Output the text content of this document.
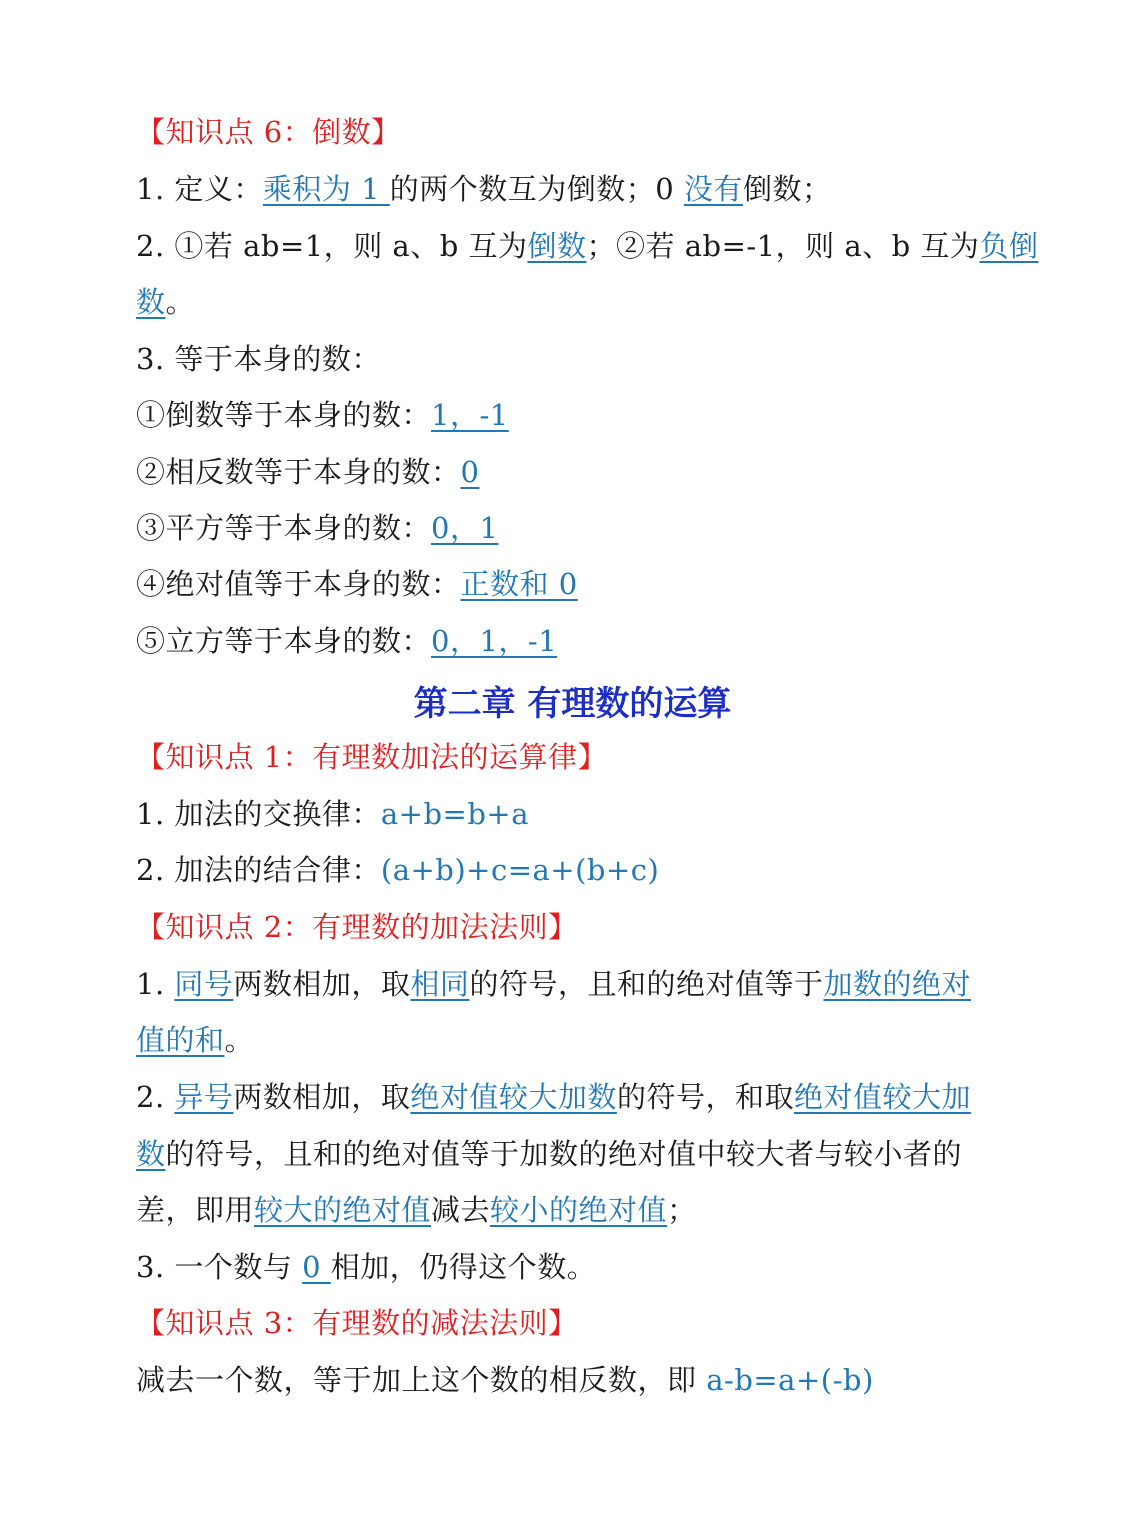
【知识点 6：倒数】
1. 定义：乘积为 1 的两个数互为倒数；0 没有倒数；
2. ①若 ab=1，则 a、b 互为倒数；②若 ab=-1，则 a、b 互为负倒
数。
3. 等于本身的数：
①倒数等于本身的数：1，-1
②相反数等于本身的数：0
③平方等于本身的数：0，1
④绝对值等于本身的数：正数和 0
⑤立方等于本身的数：0，1，-1
第二章 有理数的运算
【知识点 1：有理数加法的运算律】
1. 加法的交换律：a+b=b+a
2. 加法的结合律：(a+b)+c=a+(b+c)
【知识点 2：有理数的加法法则】
1. 同号两数相加，取相同的符号，且和的绝对值等于加数的绝对
值的和。
2. 异号两数相加，取绝对值较大加数的符号，和取绝对值较大加
数的符号，且和的绝对值等于加数的绝对值中较大者与较小者的
差，即用较大的绝对值减去较小的绝对值；
3. 一个数与 0 相加，仍得这个数。
【知识点 3：有理数的减法法则】
减去一个数，等于加上这个数的相反数，即 a-b=a+(-b)
